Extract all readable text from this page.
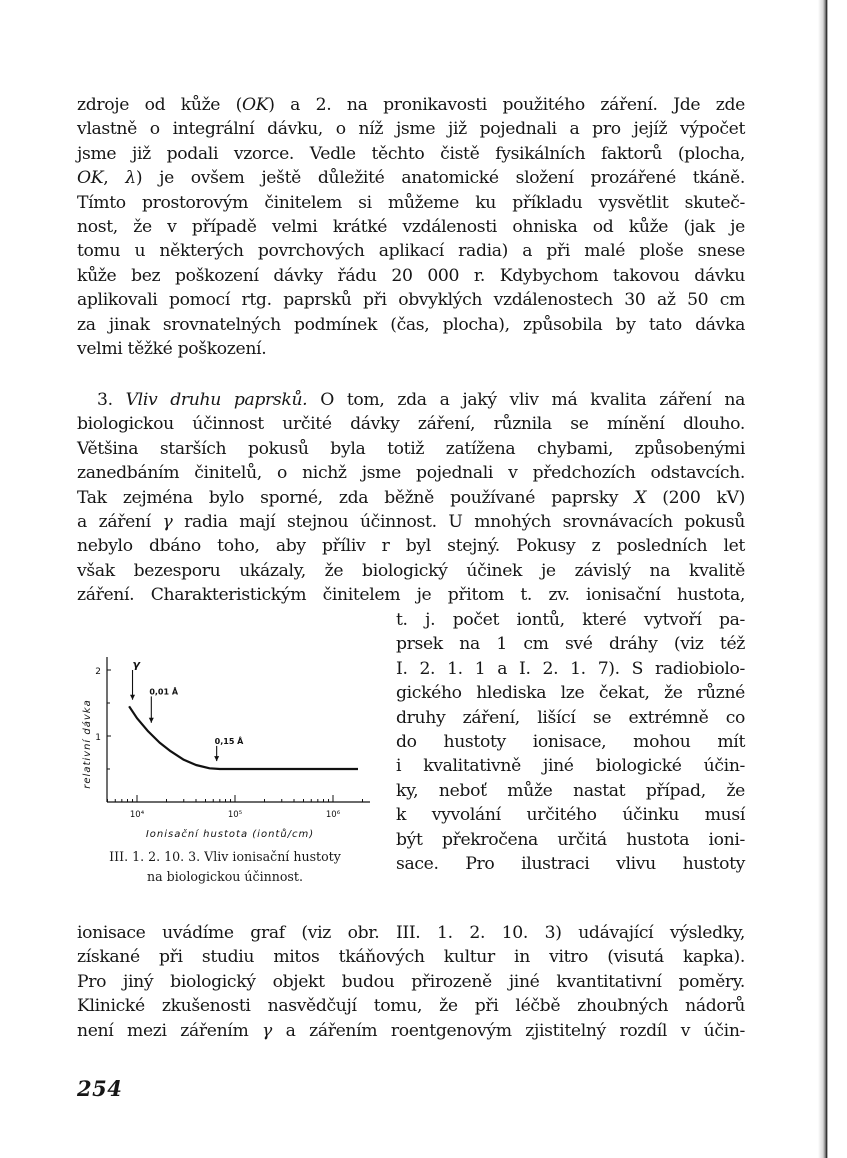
zdroje od kůže (OK) a 2. na pronikavosti použitého záření. Jde zde
vlastně o integrální dávku, o níž jsme již pojednali a pro jejíž výpočet
jsme již podali vzorce. Vedle těchto čistě fysikálních faktorů (plocha,
OK, λ) je ovšem ještě důležité anatomické složení prozářené tkáně.
Tímto prostorovým činitelem si můžeme ku příkladu vysvětlit skuteč-
nost, že v případě velmi krátké vzdálenosti ohniska od kůže (jak je
tomu u některých povrchových aplikací radia) a při malé ploše snese
kůže bez poškození dávky řádu 20 000 r. Kdybychom takovou dávku
aplikovali pomocí rtg. paprsků při obvyklých vzdálenostech 30 až 50 cm
za jinak srovnatelných podmínek (čas, plocha), způsobila by tato dávka
velmi těžké poškození.
3. Vliv druhu paprsků. O tom, zda a jaký vliv má kvalita záření na
biologickou účinnost určité dávky záření, různila se mínění dlouho.
Většina starších pokusů byla totiž zatížena chybami, způsobenými
zanedbáním činitelů, o nichž jsme pojednali v předchozích odstavcích.
Tak zejména bylo sporné, zda běžně používané paprsky X (200 kV)
a záření γ radia mají stejnou účinnost. U mnohých srovnávacích pokusů
nebylo dbáno toho, aby příliv r byl stejný. Pokusy z posledních let
však bezesporu ukázaly, že biologický účinek je závislý na kvalitě
záření. Charakteristickým činitelem je přitom t. zv. ionisační hustota,
t. j. počet iontů, které vytvoří pa-
prsek na 1 cm své dráhy (viz též
I. 2. 1. 1 a I. 2. 1. 7). S radiobiolo-
gického hlediska lze čekat, že různé
druhy záření, lišící se extrémně co
do hustoty ionisace, mohou mít
i kvalitativně jiné biologické účin-
ky, neboť může nastat případ, že
k vyvolání určitého účinku musí
být překročena určitá hustota ioni-
sace. Pro ilustraci vlivu hustoty
1
2
10⁴	10⁵	10⁶
relativní dávka
Ionisační hustota (iontů/cm)
γ
0,01 Å
0,15 Å
III. 1. 2. 10. 3. Vliv ionisační hustoty
na biologickou účinnost.
ionisace uvádíme graf (viz obr. III. 1. 2. 10. 3) udávající výsledky,
získané při studiu mitos tkáňových kultur in vitro (visutá kapka).
Pro jiný biologický objekt budou přirozeně jiné kvantitativní poměry.
Klinické zkušenosti nasvědčují tomu, že při léčbě zhoubných nádorů
není mezi zářením γ a zářením roentgenovým zjistitelný rozdíl v účin-
254
